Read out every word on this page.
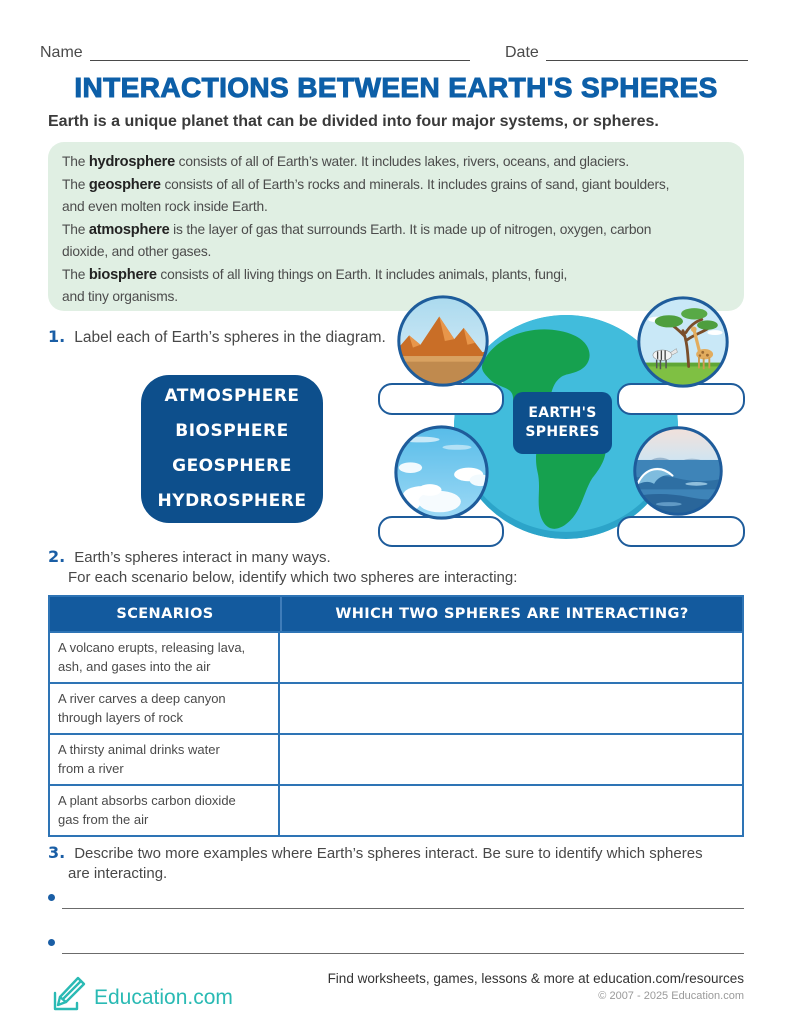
Name	Date
INTERACTIONS BETWEEN EARTH'S SPHERES
Earth is a unique planet that can be divided into four major systems, or spheres.

The hydrosphere consists of all of Earth’s water. It includes lakes, rivers, oceans, and glaciers.

The geosphere consists of all of Earth’s rocks and minerals. It includes grains of sand, giant boulders,
and even molten rock inside Earth.

The atmosphere is the layer of gas that surrounds Earth. It is made up of nitrogen, oxygen, carbon
dioxide, and other gases.

The biosphere consists of all living things on Earth. It includes animals, plants, fungi,
and tiny organisms.

1. Label each of Earth’s spheres in the diagram.
ATMOSPHERE
BIOSPHERE
GEOSPHERE
HYDROSPHERE
EARTH'S SPHERES
2. Earth’s spheres interact in many ways.
For each scenario below, identify which two spheres are interacting:
SCENARIOS	WHICH TWO SPHERES ARE INTERACTING?
A volcano erupts, releasing lava,
ash, and gases into the air
A river carves a deep canyon
through layers of rock
A thirsty animal drinks water
from a river
A plant absorbs carbon dioxide
gas from the air
3. Describe two more examples where Earth’s spheres interact. Be sure to identify which spheres
are interacting.
Education.com
Find worksheets, games, lessons & more at education.com/resources
© 2007 - 2025 Education.com
